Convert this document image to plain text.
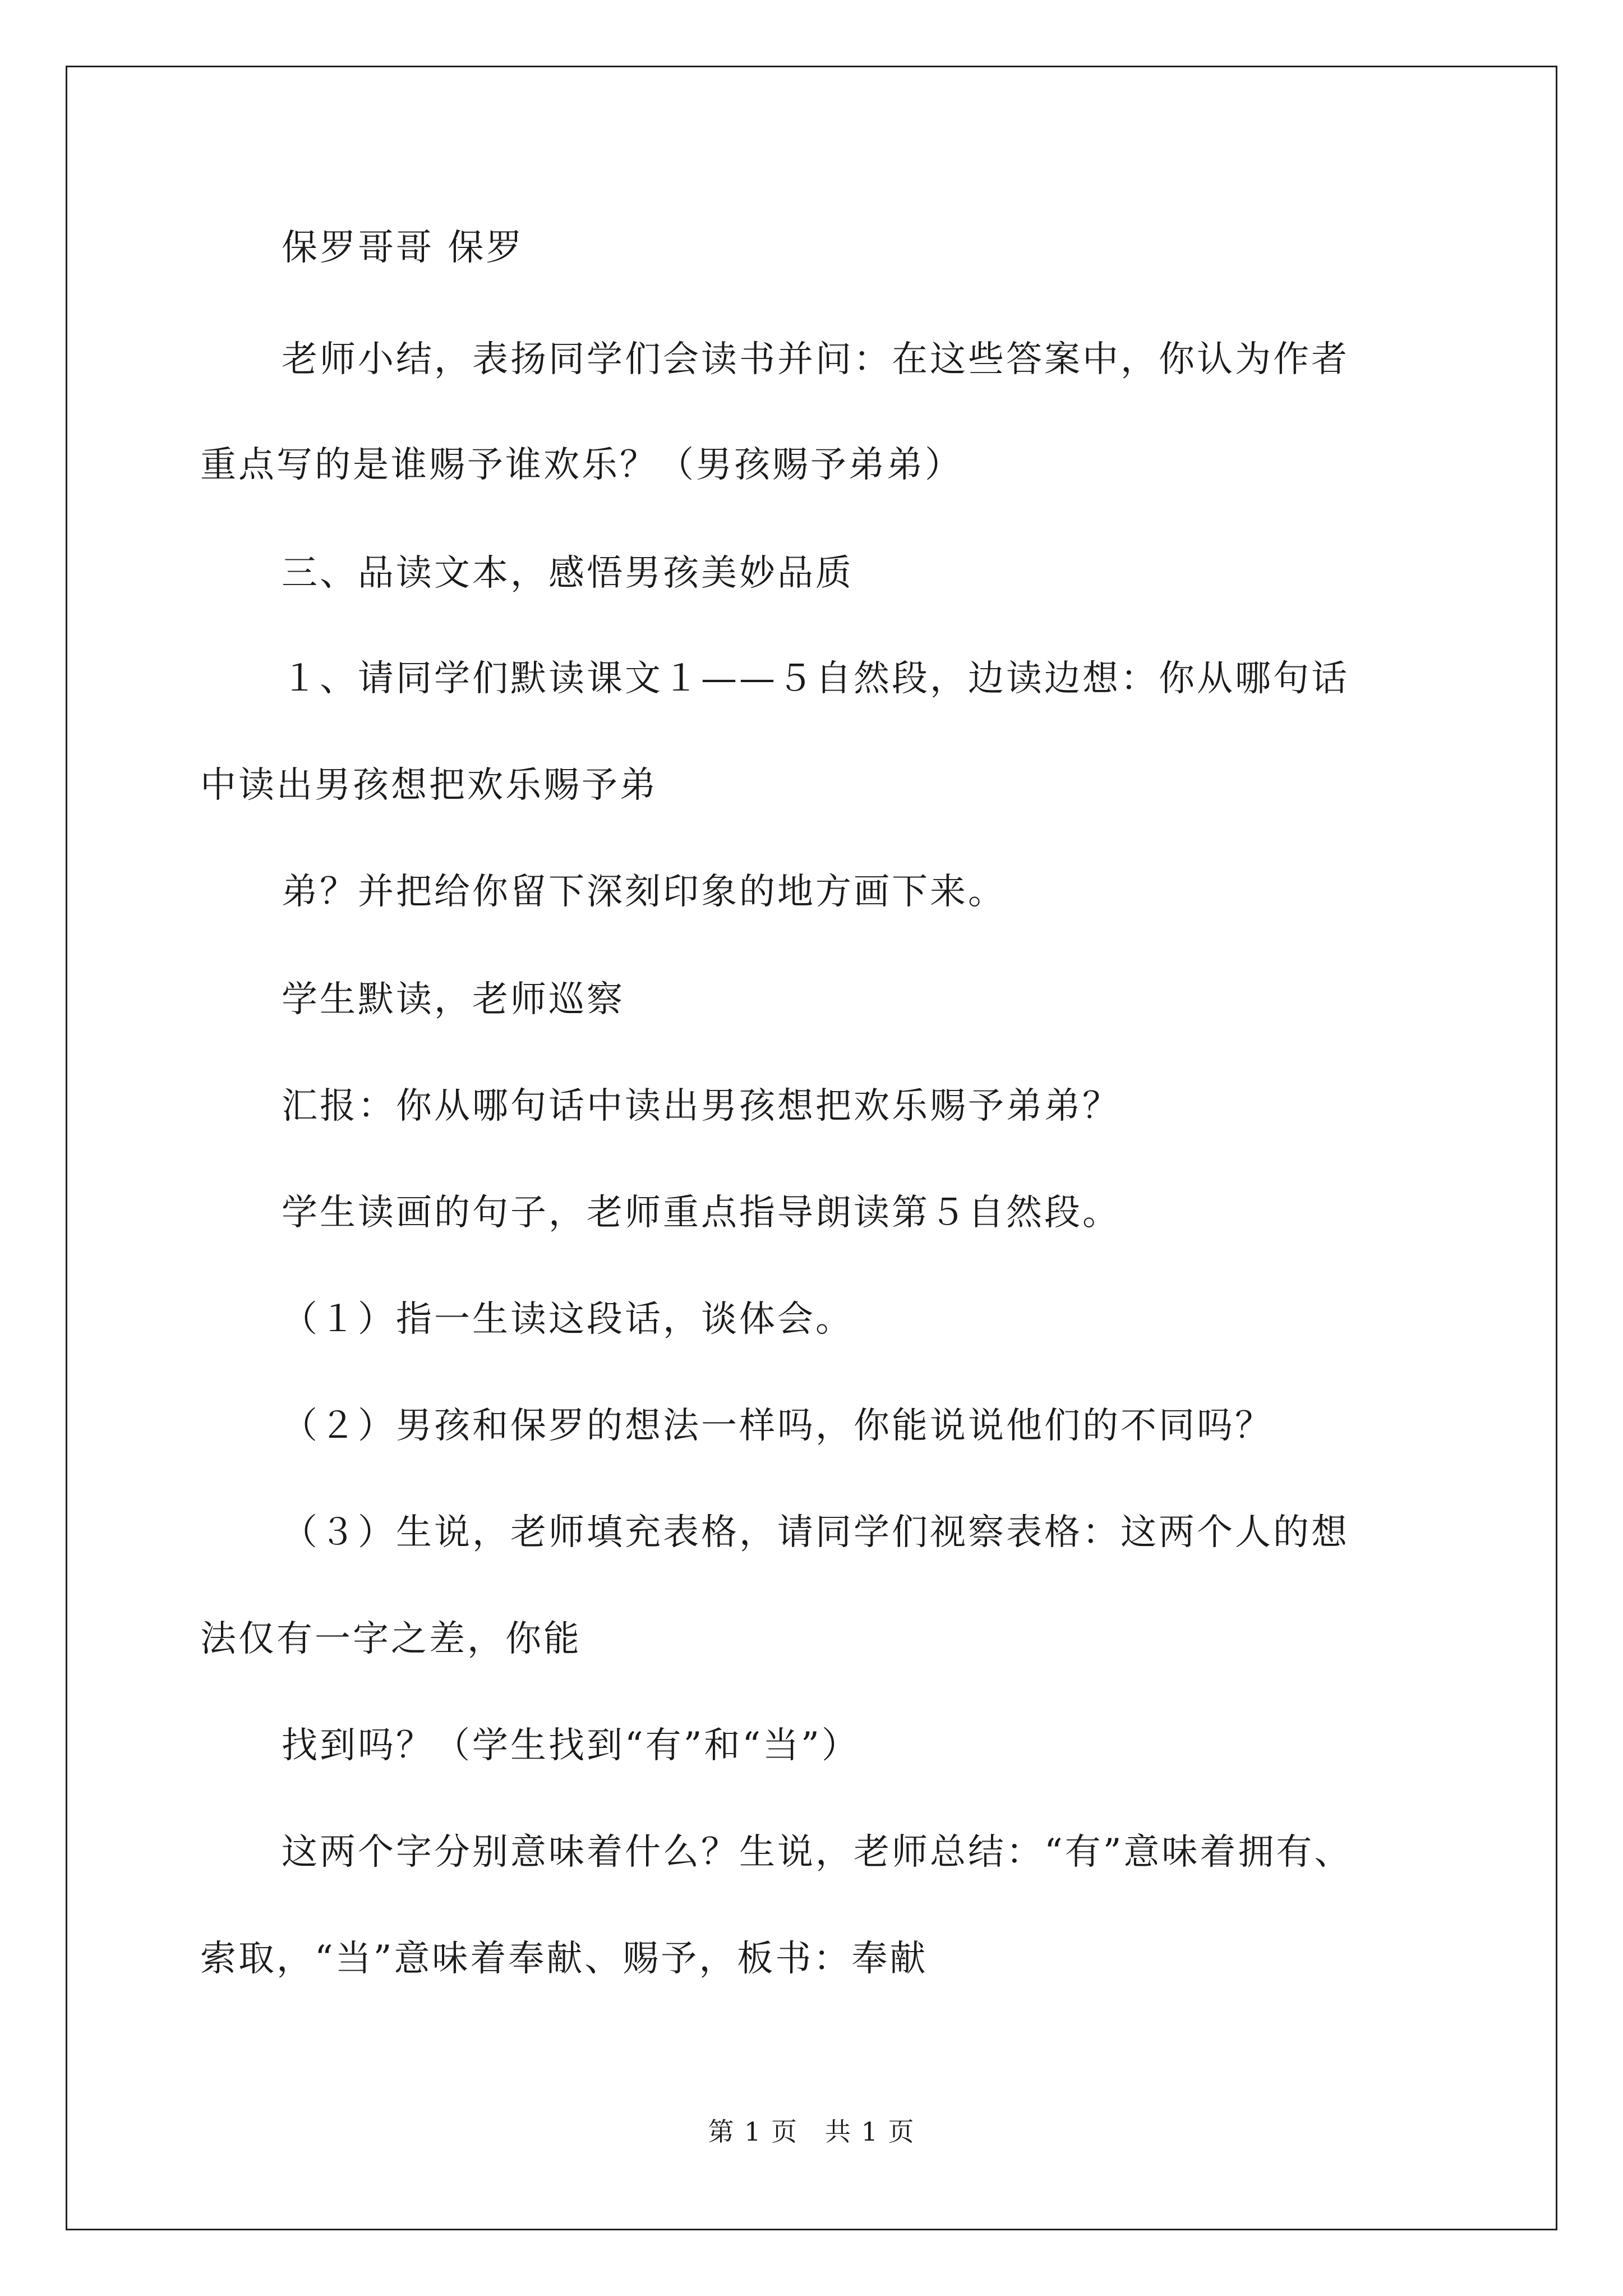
保罗哥哥 保罗
老师小结，表扬同学们会读书并问：在这些答案中，你认为作者
重点写的是谁赐予谁欢乐？（男孩赐予弟弟）
三、品读文本，感悟男孩美妙品质
１、请同学们默读课文１——５自然段，边读边想：你从哪句话
中读出男孩想把欢乐赐予弟
弟？并把给你留下深刻印象的地方画下来。
学生默读，老师巡察
汇报：你从哪句话中读出男孩想把欢乐赐予弟弟？
学生读画的句子，老师重点指导朗读第５自然段。
（１）指一生读这段话，谈体会。
（２）男孩和保罗的想法一样吗，你能说说他们的不同吗？
（３）生说，老师填充表格，请同学们视察表格：这两个人的想
法仅有一字之差，你能
找到吗？（学生找到“有”和“当”）
这两个字分别意味着什么？生说，老师总结：“有”意味着拥有、
索取，“当”意味着奉献、赐予，板书：奉献
第 1 页　共 1 页
